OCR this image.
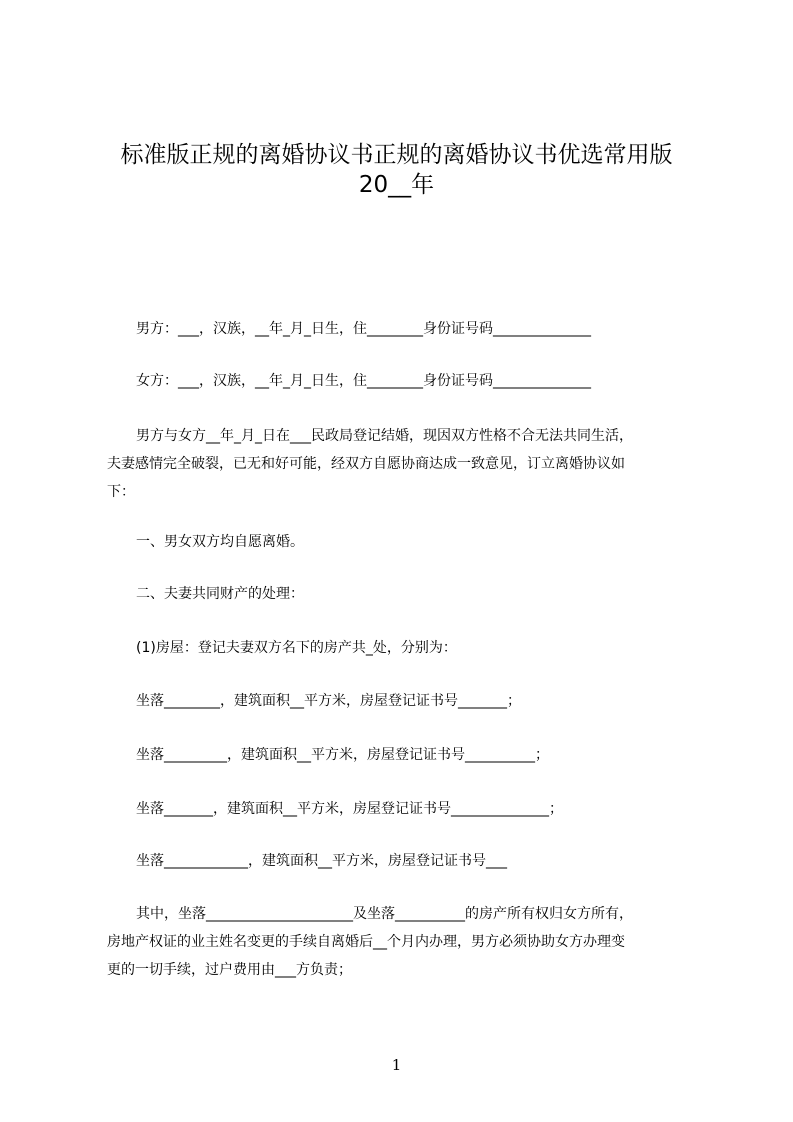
标准版正规的离婚协议书正规的离婚协议书优选常用版
20__年
男方：___，汉族，__年_月_日生，住________身份证号码______________
女方：___，汉族，__年_月_日生，住________身份证号码______________
男方与女方__年_月_日在___民政局登记结婚，现因双方性格不合无法共同生活，
夫妻感情完全破裂，已无和好可能，经双方自愿协商达成一致意见，订立离婚协议如
下：
一、男女双方均自愿离婚。
二、夫妻共同财产的处理：
(1)房屋：登记夫妻双方名下的房产共_处，分别为：
坐落________，建筑面积__平方米，房屋登记证书号_______；
坐落_________，建筑面积__平方米，房屋登记证书号__________；
坐落_______，建筑面积__平方米，房屋登记证书号______________；
坐落____________，建筑面积__平方米，房屋登记证书号___
其中，坐落_____________________及坐落__________的房产所有权归女方所有，
房地产权证的业主姓名变更的手续自离婚后__个月内办理，男方必须协助女方办理变
更的一切手续，过户费用由___方负责；
1
